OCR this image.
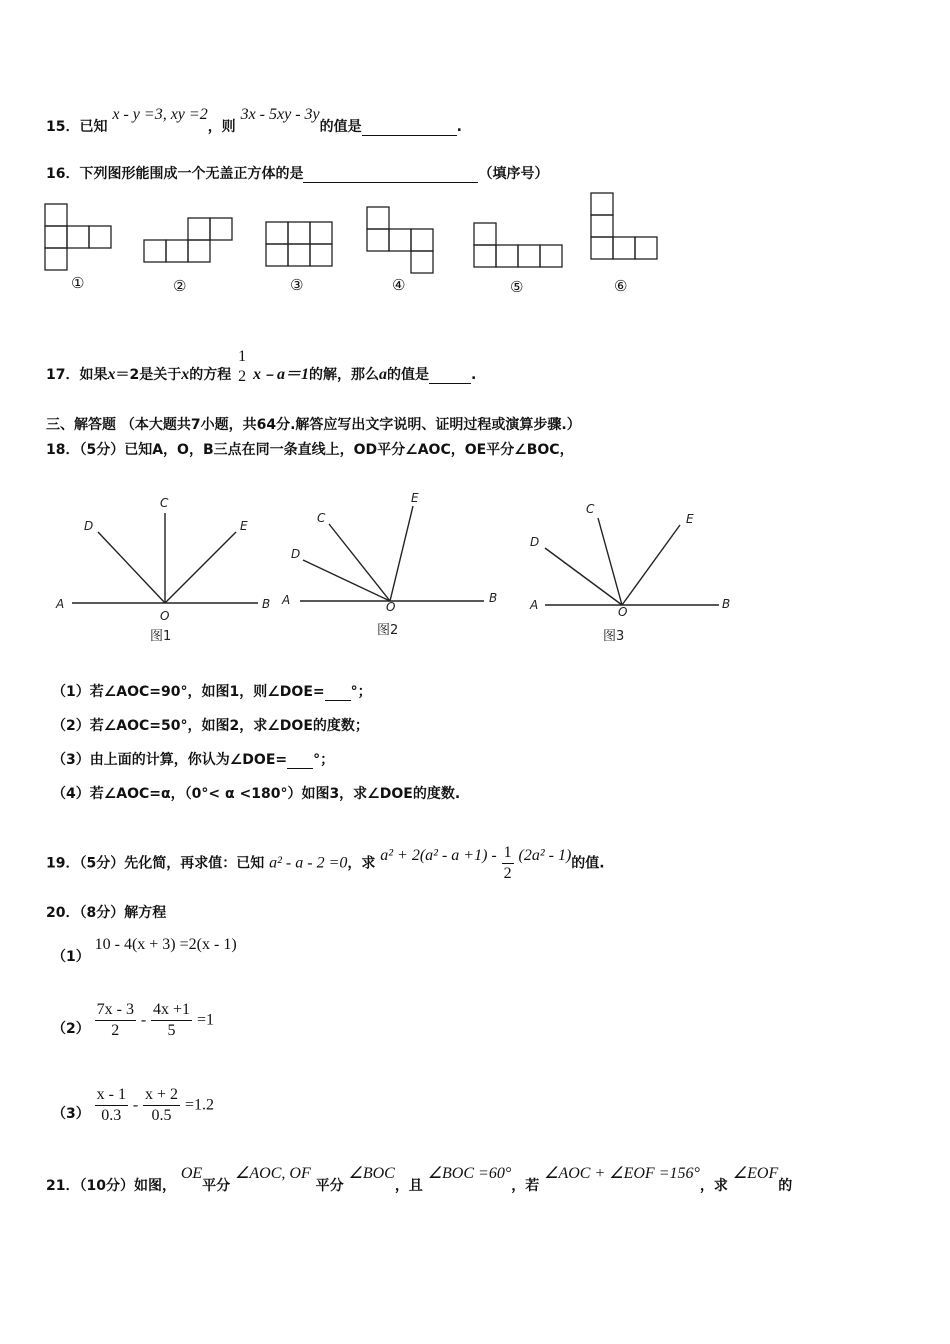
15．已知 x - y =3, xy =2，则 3x - 5xy - 3y的值是	.
16．下列图形能围成一个无盖正方体的是	（填序号）
①	②	③	④	⑤	⑥
17．如果x＝2是关于x的方程
1
2 x﹣a＝1的解，那么a的值是	.
三、解答题 （本大题共7小题，共64分.解答应写出文字说明、证明过程或演算步骤.）
18．（5分）已知A，O，B三点在同一条直线上，OD平分∠AOC，OE平分∠BOC，
A	B
O
C
D	E
A	B
O
C
D
E
A	B
O
C
D
E
图1	图2	图3
（1）若∠AOC=90°，如图1，则∠DOE= °；
（2）若∠AOC=50°，如图2，求∠DOE的度数；
（3）由上面的计算，你认为∠DOE= °；
（4）若∠AOC=α，（0°< α <180°）如图3，求∠DOE的度数.
19．（5分）先化简，再求值：已知 a² - a - 2 =0，求 $a^2 + 2(a^2 - a +1) - \frac{1}{2} (2a^2 - 1)$的值.
20．（8分）解方程
（1） 10 - 4(x + 3) =2(x - 1)
$(2) \frac{7x - 3}{2} - \frac{4x +1}{5} =1$
$(3) \frac{x - 1}{0.3} - \frac{x + 2}{0.5} =1.2$
21．（10分）如图， OE平分 ∠AOC, OF 平分 ∠BOC，且 ∠BOC =60°，若 ∠AOC + ∠EOF =156°，求 ∠EOF的
